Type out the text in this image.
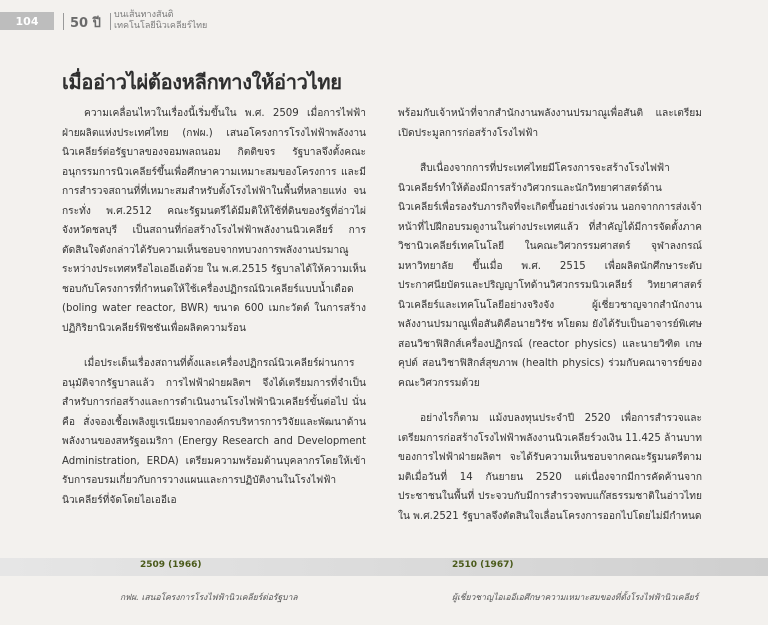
104	50 ปี
บนเส้นทางสันติ
เทคโนโลยีนิวเคลียร์ไทย
เมื่ออ่าวไผ่ต้องหลีกทางให้อ่าวไทย

ความเคลื่อนไหวในเรื่องนี้เริ่มขึ้นใน พ.ศ. 2509 เมื่อการไฟฟ้าฝ่ายผลิตแห่งประเทศไทย (กฟผ.) เสนอโครงการโรงไฟฟ้าพลังงานนิวเคลียร์ต่อรัฐบาลของจอมพลถนอม กิตติขจร รัฐบาลจึงตั้งคณะอนุกรรมการนิวเคลียร์ขึ้นเพื่อศึกษาความเหมาะสมของโครงการ และมีการสำรวจสถานที่ที่เหมาะสมสำหรับตั้งโรงไฟฟ้าในพื้นที่หลายแห่ง จนกระทั่ง พ.ศ.2512 คณะรัฐมนตรีได้มีมติให้ใช้ที่ดินของรัฐที่อ่าวไผ่ จังหวัดชลบุรี เป็นสถานที่ก่อสร้างโรงไฟฟ้าพลังงานนิวเคลียร์ การตัดสินใจดังกล่าวได้รับความเห็นชอบจากทบวงการพลังงานปรมาณูระหว่างประเทศหรือไอเออีเอด้วย ใน พ.ศ.2515 รัฐบาลได้ให้ความเห็นชอบกับโครงการที่กำหนดให้ใช้เครื่องปฏิกรณ์นิวเคลียร์แบบน้ำเดือด (boling water reactor, BWR) ขนาด 600 เมกะวัตต์ ในการสร้างปฏิกิริยานิวเคลียร์ฟิชชันเพื่อผลิตความร้อน

เมื่อประเด็นเรื่องสถานที่ตั้งและเครื่องปฏิกรณ์นิวเคลียร์ผ่านการอนุมัติจากรัฐบาลแล้ว การไฟฟ้าฝ่ายผลิตฯ จึงได้เตรียมการที่จำเป็นสำหรับการก่อสร้างและการดำเนินงานโรงไฟฟ้านิวเคลียร์ขั้นต่อไป นั่นคือ สั่งจองเชื้อเพลิงยูเรเนียมจากองค์กรบริหารการวิจัยและพัฒนาด้านพลังงานของสหรัฐอเมริกา (Energy Research and Development Administration, ERDA) เตรียมความพร้อมด้านบุคลากรโดยให้เข้ารับการอบรมเกี่ยวกับการวางแผนและการปฏิบัติงานในโรงไฟฟ้านิวเคลียร์ที่จัดโดยไอเออีเอ

พร้อมกับเจ้าหน้าที่จากสำนักงานพลังงานปรมาณูเพื่อสันติ และเตรียมเปิดประมูลการก่อสร้างโรงไฟฟ้า

สืบเนื่องจากการที่ประเทศไทยมีโครงการจะสร้างโรงไฟฟ้านิวเคลียร์ทำให้ต้องมีการสร้างวิศวกรและนักวิทยาศาสตร์ด้านนิวเคลียร์เพื่อรองรับภารกิจที่จะเกิดขึ้นอย่างเร่งด่วน นอกจากการส่งเจ้าหน้าที่ไปฝึกอบรมดูงานในต่างประเทศแล้ว ที่สำคัญได้มีการจัดตั้งภาควิชานิวเคลียร์เทคโนโลยี ในคณะวิศวกรรมศาสตร์ จุฬาลงกรณ์มหาวิทยาลัย ขึ้นเมื่อ พ.ศ. 2515 เพื่อผลิตนักศึกษาระดับประกาศนียบัตรและปริญญาโทด้านวิศวกรรมนิวเคลียร์ วิทยาศาสตร์นิวเคลียร์และเทคโนโลยีอย่างจริงจัง ผู้เชี่ยวชาญจากสำนักงานพลังงานปรมาณูเพื่อสันติคือนายวิรัช หโยดม ยังได้รับเป็นอาจารย์พิเศษสอนวิชาฟิสิกส์เครื่องปฏิกรณ์ (reactor physics) และนายวิฑิต เกษคุปต์ สอนวิชาฟิสิกส์สุขภาพ (health physics) ร่วมกับคณาจารย์ของคณะวิศวกรรมด้วย

อย่างไรก็ตาม แม้งบลงทุนประจำปี 2520 เพื่อการสำรวจและเตรียมการก่อสร้างโรงไฟฟ้าพลังงานนิวเคลียร์วงเงิน 11.425 ล้านบาท ของการไฟฟ้าฝ่ายผลิตฯ จะได้รับความเห็นชอบจากคณะรัฐมนตรีตามมติเมื่อวันที่ 14 กันยายน 2520 แต่เนื่องจากมีการคัดค้านจากประชาชนในพื้นที่ ประจวบกับมีการสำรวจพบแก๊สธรรมชาติในอ่าวไทย ใน พ.ศ.2521 รัฐบาลจึงตัดสินใจเลื่อนโครงการออกไปโดยไม่มีกำหนด

2509 (1966)	2510 (1967)
กฟผ. เสนอโครงการโรงไฟฟ้านิวเคลียร์ต่อรัฐบาล	ผู้เชี่ยวชาญไอเออีเอศึกษาความเหมาะสมของที่ตั้งโรงไฟฟ้านิวเคลียร์
